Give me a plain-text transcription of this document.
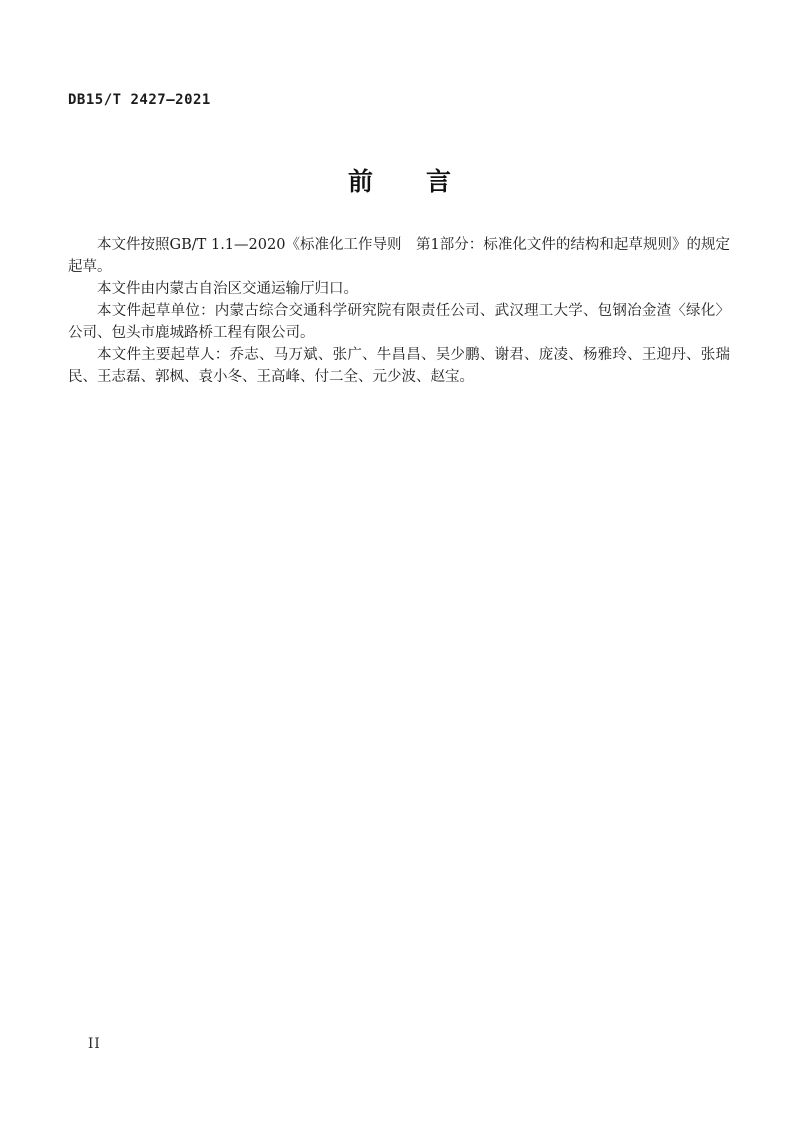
DB15/T 2427—2021
前　　言

本文件按照GB/T 1.1—2020《标准化工作导则　第1部分：标准化文件的结构和起草规则》的规定起草。

本文件由内蒙古自治区交通运输厅归口。

本文件起草单位：内蒙古综合交通科学研究院有限责任公司、武汉理工大学、包钢冶金渣〈绿化〉公司、包头市鹿城路桥工程有限公司。

本文件主要起草人：乔志、马万斌、张广、牛昌昌、吴少鹏、谢君、庞凌、杨雅玲、王迎丹、张瑞民、王志磊、郭枫、袁小冬、王高峰、付二全、元少波、赵宝。

II
